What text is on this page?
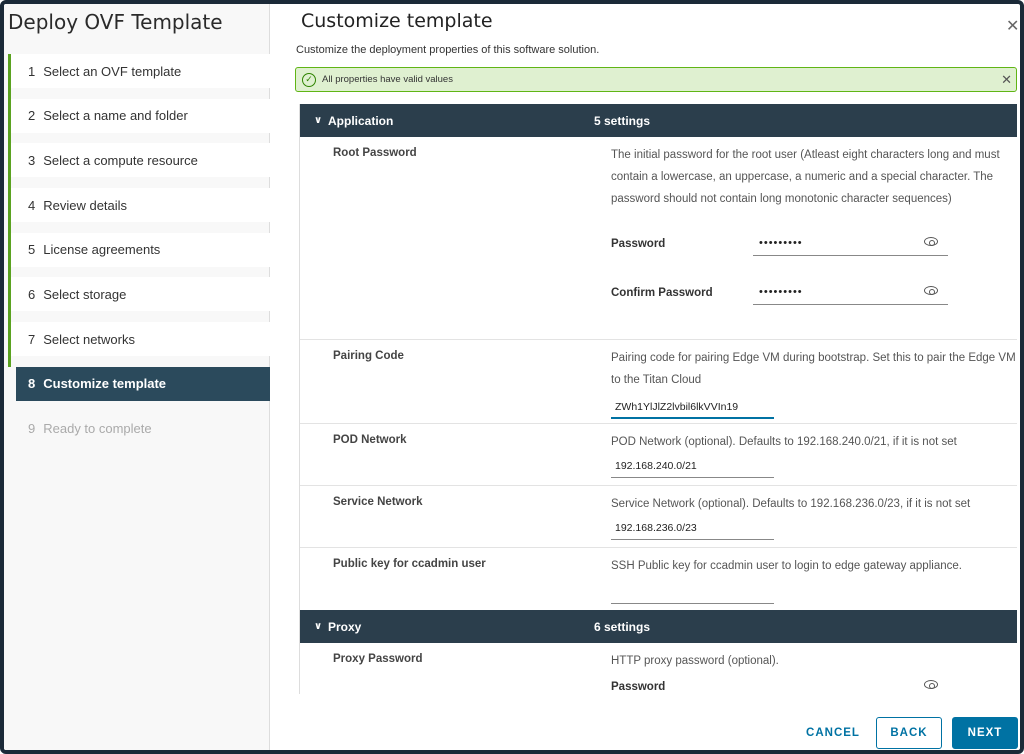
Deploy OVF Template
1 Select an OVF template
2 Select a name and folder
3 Select a compute resource
4 Review details
5 License agreements
6 Select storage
7 Select networks
8 Customize template
9 Ready to complete
Customize template	✕
Customize the deployment properties of this software solution.
✓ All properties have valid values	✕
∨ Application	5 settings
Root Password	The initial password for the root user (Atleast eight characters long and must contain a lowercase, an uppercase, a numeric and a special character. The password should not contain long monotonic character sequences)
Password	•••••••••
Confirm Password	•••••••••
Pairing Code	Pairing code for pairing Edge VM during bootstrap. Set this to pair the Edge VM to the Titan Cloud
ZWh1YlJlZ2lvbil6lkVVIn19
POD Network	POD Network (optional). Defaults to 192.168.240.0/21, if it is not set
192.168.240.0/21
Service Network	Service Network (optional). Defaults to 192.168.236.0/23, if it is not set
192.168.236.0/23
Public key for ccadmin user	SSH Public key for ccadmin user to login to edge gateway appliance.
∨ Proxy	6 settings
Proxy Password	HTTP proxy password (optional).
Password
CANCEL	BACK	NEXT
